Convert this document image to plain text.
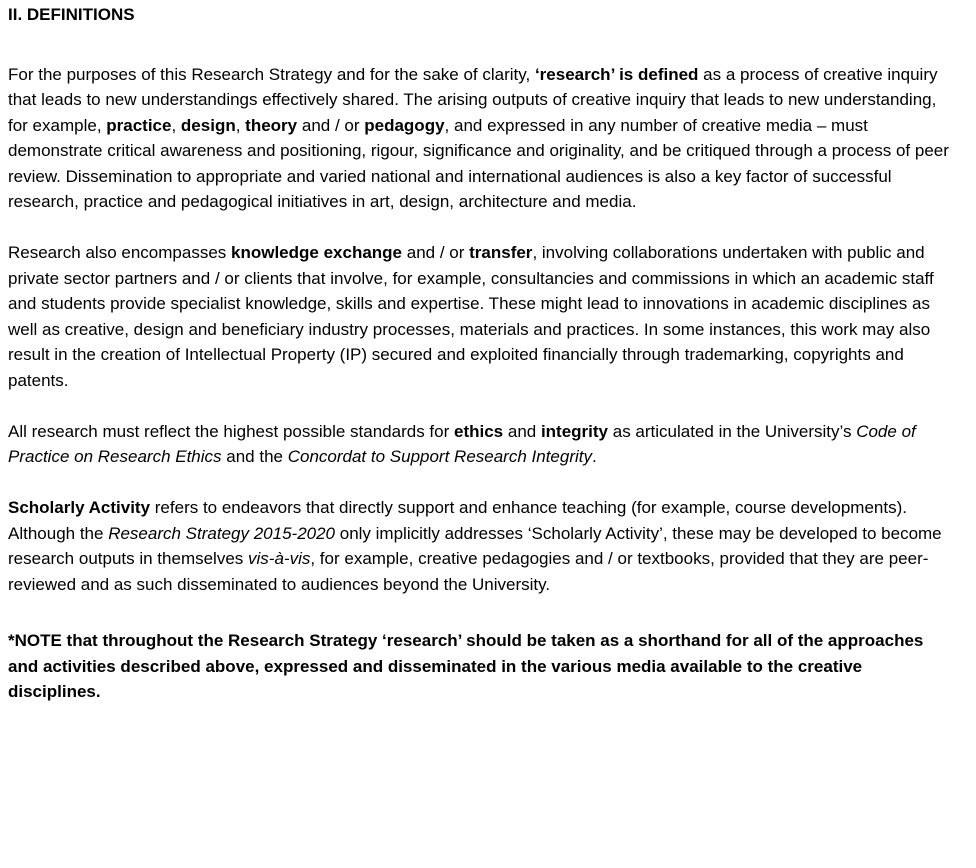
II. DEFINITIONS

For the purposes of this Research Strategy and for the sake of clarity, ‘research’ is defined as a process of creative inquiry that leads to new understandings effectively shared. The arising outputs of creative inquiry that leads to new understanding, for example, practice, design, theory and / or pedagogy, and expressed in any number of creative media – must demonstrate critical awareness and positioning, rigour, significance and originality, and be critiqued through a process of peer review. Dissemination to appropriate and varied national and international audiences is also a key factor of successful research, practice and pedagogical initiatives in art, design, architecture and media.

Research also encompasses knowledge exchange and / or transfer, involving collaborations undertaken with public and private sector partners and / or clients that involve, for example, consultancies and commissions in which an academic staff and students provide specialist knowledge, skills and expertise. These might lead to innovations in academic disciplines as well as creative, design and beneficiary industry processes, materials and practices. In some instances, this work may also result in the creation of Intellectual Property (IP) secured and exploited financially through trademarking, copyrights and patents.

All research must reflect the highest possible standards for ethics and integrity as articulated in the University’s Code of Practice on Research Ethics and the Concordat to Support Research Integrity.

Scholarly Activity refers to endeavors that directly support and enhance teaching (for example, course developments). Although the Research Strategy 2015-2020 only implicitly addresses ‘Scholarly Activity’, these may be developed to become research outputs in themselves vis-à-vis, for example, creative pedagogies and / or textbooks, provided that they are peer-reviewed and as such disseminated to audiences beyond the University.

*NOTE that throughout the Research Strategy ‘research’ should be taken as a shorthand for all of the approaches and activities described above, expressed and disseminated in the various media available to the creative disciplines.
